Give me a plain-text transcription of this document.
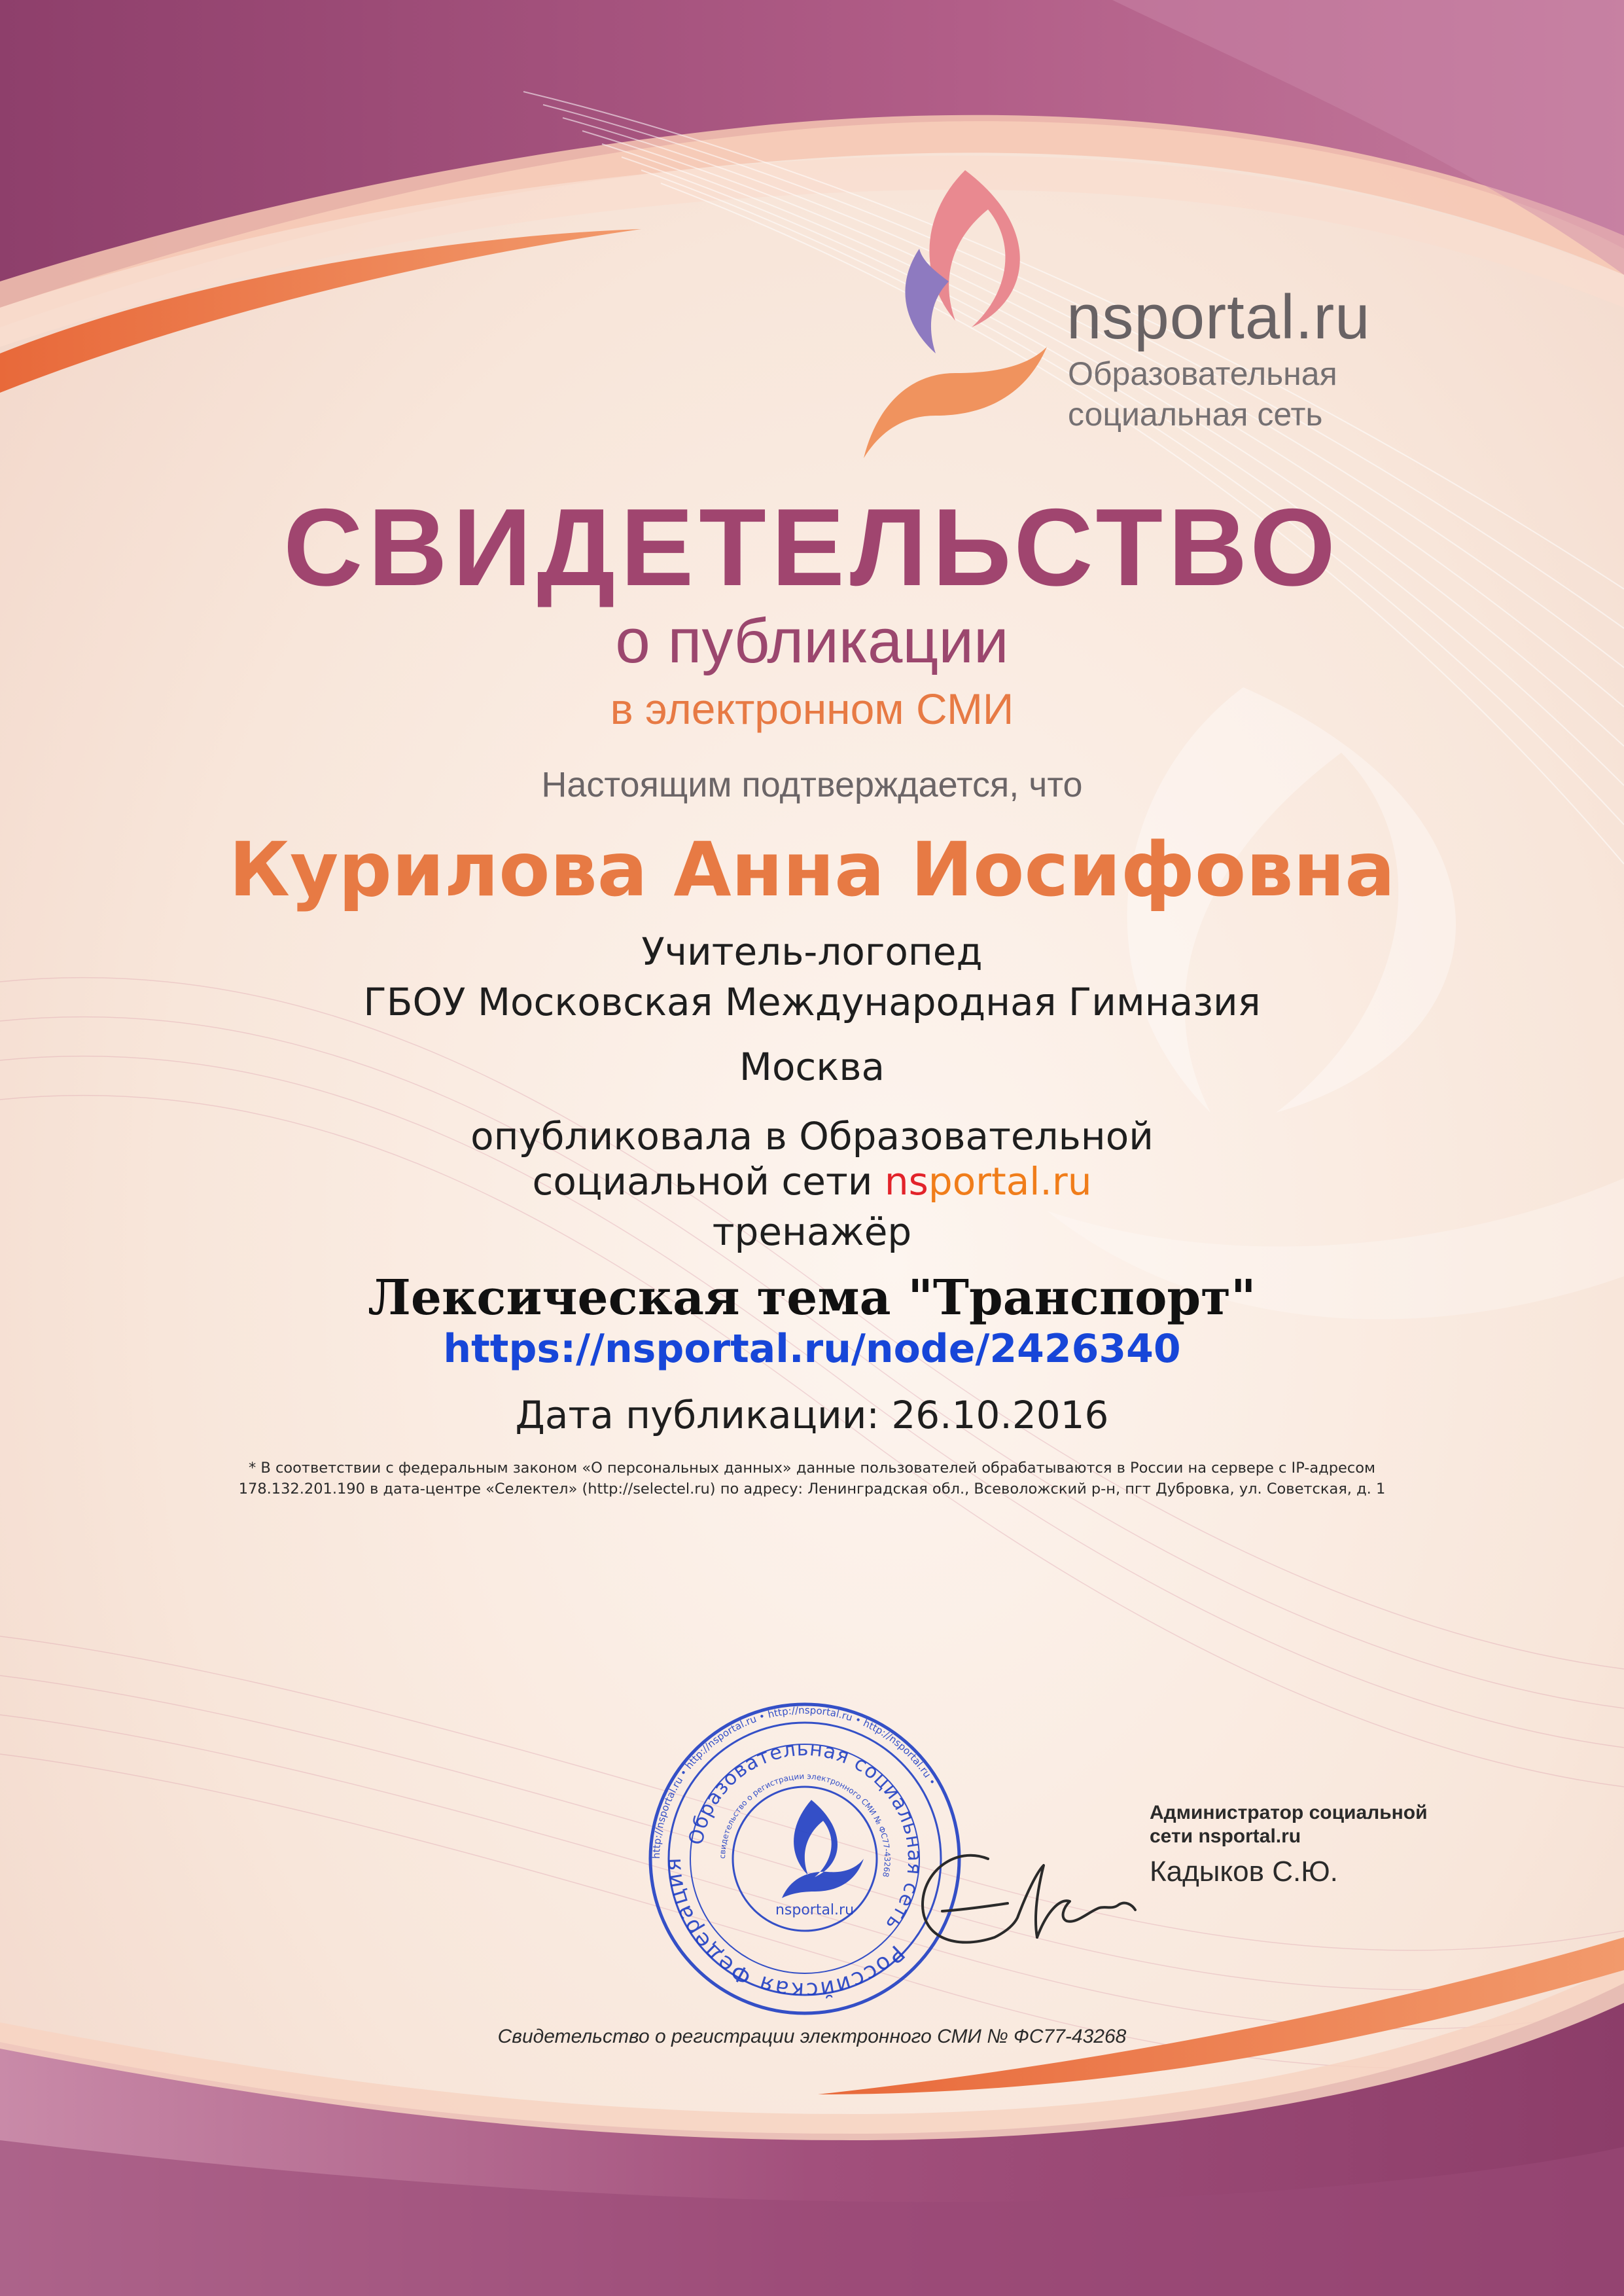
nsportal.ru
Образовательная
социальная сеть
СВИДЕТЕЛЬСТВО
о публикации
в электронном СМИ
Настоящим подтверждается, что
Курилова Анна Иосифовна
Учитель-логопед
ГБОУ Московская Международная Гимназия
Москва
опубликовала в Образовательной
социальной сети nsportal.ru
тренажёр
Лексическая тема "Транспорт"
https://nsportal.ru/node/2426340
Дата публикации: 26.10.2016
* В соответствии с федеральным законом «О персональных данных» данные пользователей обрабатываются в России на сервере с IP-адресом
178.132.201.190 в дата-центре «Селектел» (http://selectel.ru) по адресу: Ленинградская обл., Всеволожский р-н, пгт Дубровка, ул. Советская, д. 1
http://nsportal.ru • http://nsportal.ru • http://nsportal.ru • http://nsportal.ru •
Российская Федерация
Образовательная социальная сеть
свидетельство о регистрации электронного СМИ № ФС77-43268
nsportal.ru
Администратор социальной
сети nsportal.ru
Кадыков С.Ю.
Свидетельство о регистрации электронного СМИ № ФС77-43268
